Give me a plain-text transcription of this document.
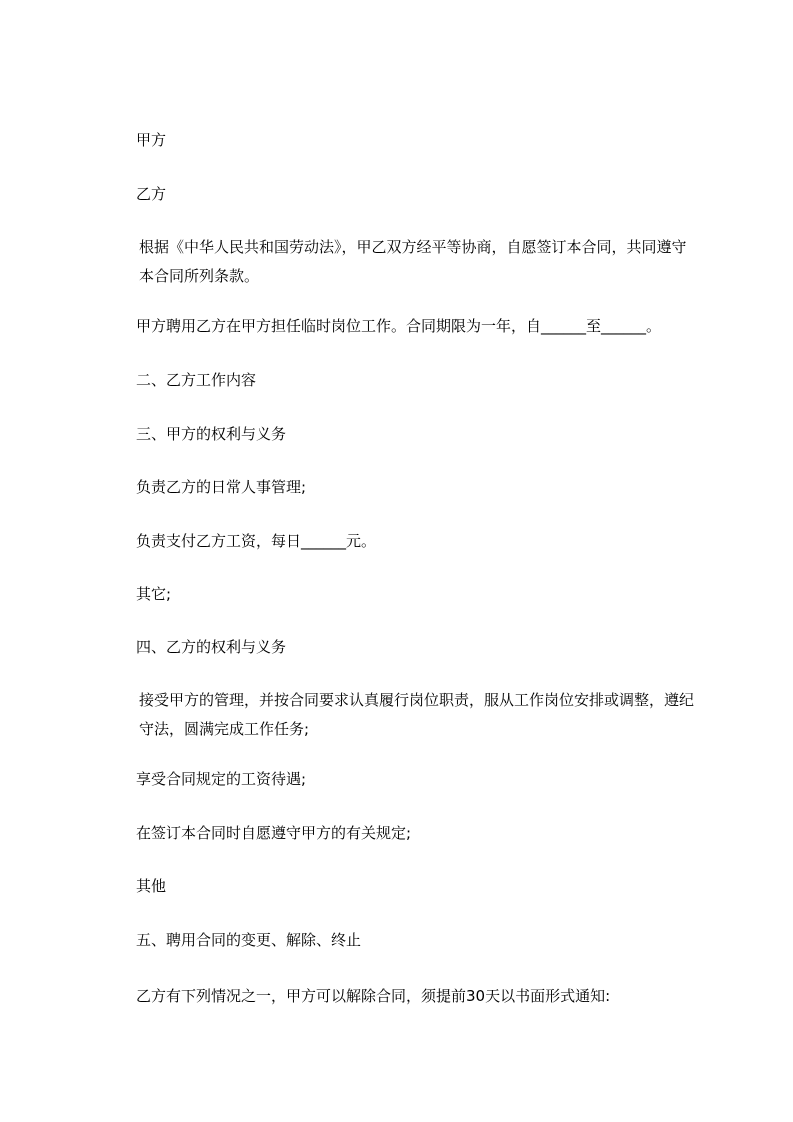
甲方

乙方

根据《中华人民共和国劳动法》，甲乙双方经平等协商，自愿签订本合同，共同遵守本合同所列条款。

甲方聘用乙方在甲方担任临时岗位工作。合同期限为一年，自______至______。

二、乙方工作内容

三、甲方的权利与义务

负责乙方的日常人事管理;

负责支付乙方工资，每日______元。

其它;

四、乙方的权利与义务

接受甲方的管理，并按合同要求认真履行岗位职责，服从工作岗位安排或调整，遵纪守法，圆满完成工作任务;

享受合同规定的工资待遇;

在签订本合同时自愿遵守甲方的有关规定;

其他

五、聘用合同的变更、解除、终止

乙方有下列情况之一，甲方可以解除合同，须提前30天以书面形式通知:
